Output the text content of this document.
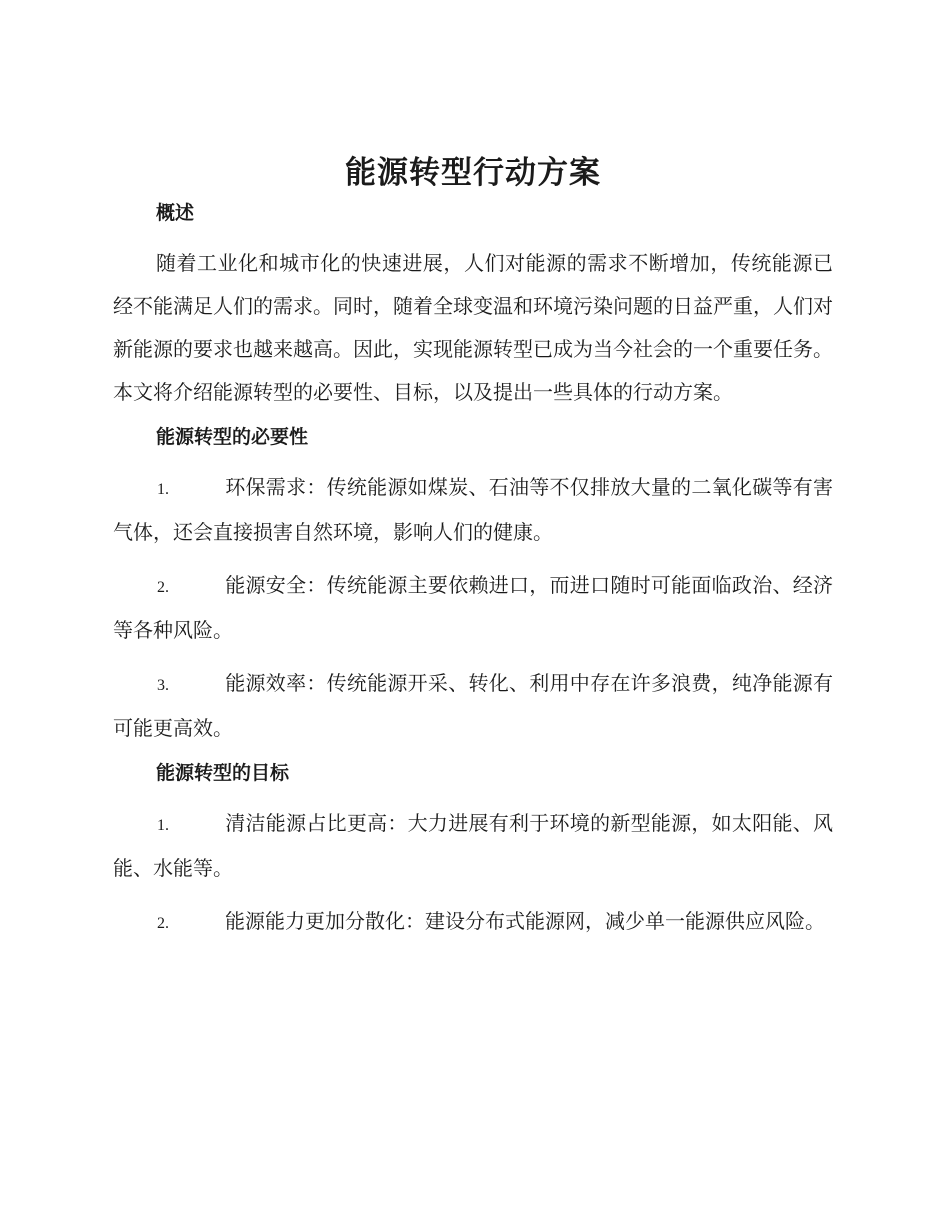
能源转型行动方案
概述

随着工业化和城市化的快速进展，人们对能源的需求不断增加，传统能源已经不能满足人们的需求。同时，随着全球变温和环境污染问题的日益严重，人们对新能源的要求也越来越高。因此，实现能源转型已成为当今社会的一个重要任务。本文将介绍能源转型的必要性、目标，以及提出一些具体的行动方案。

能源转型的必要性

1.	环保需求：传统能源如煤炭、石油等不仅排放大量的二氧化碳等有害气体，还会直接损害自然环境，影响人们的健康。

2.	能源安全：传统能源主要依赖进口，而进口随时可能面临政治、经济等各种风险。

3.	能源效率：传统能源开采、转化、利用中存在许多浪费，纯净能源有可能更高效。

能源转型的目标

1.	清洁能源占比更高：大力进展有利于环境的新型能源，如太阳能、风能、水能等。

2.	能源能力更加分散化：建设分布式能源网，减少单一能源供应风险。
